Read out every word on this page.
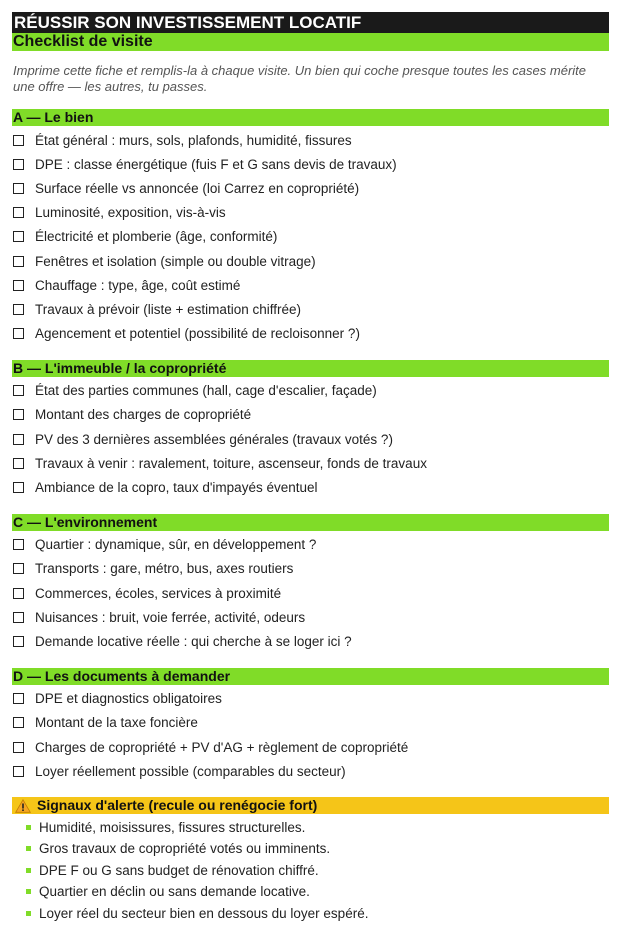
RÉUSSIR SON INVESTISSEMENT LOCATIF
Checklist de visite

Imprime cette fiche et remplis-la à chaque visite. Un bien qui coche presque toutes les cases mérite une offre — les autres, tu passes.

A — Le bien
État général : murs, sols, plafonds, humidité, fissures
DPE : classe énergétique (fuis F et G sans devis de travaux)
Surface réelle vs annoncée (loi Carrez en copropriété)
Luminosité, exposition, vis-à-vis
Électricité et plomberie (âge, conformité)
Fenêtres et isolation (simple ou double vitrage)
Chauffage : type, âge, coût estimé
Travaux à prévoir (liste + estimation chiffrée)
Agencement et potentiel (possibilité de recloisonner ?)
B — L'immeuble / la copropriété
État des parties communes (hall, cage d'escalier, façade)
Montant des charges de copropriété
PV des 3 dernières assemblées générales (travaux votés ?)
Travaux à venir : ravalement, toiture, ascenseur, fonds de travaux
Ambiance de la copro, taux d'impayés éventuel
C — L'environnement
Quartier : dynamique, sûr, en développement ?
Transports : gare, métro, bus, axes routiers
Commerces, écoles, services à proximité
Nuisances : bruit, voie ferrée, activité, odeurs
Demande locative réelle : qui cherche à se loger ici ?
D — Les documents à demander
DPE et diagnostics obligatoires
Montant de la taxe foncière
Charges de copropriété + PV d'AG + règlement de copropriété
Loyer réellement possible (comparables du secteur)
Signaux d'alerte (recule ou renégocie fort)
Humidité, moisissures, fissures structurelles.
Gros travaux de copropriété votés ou imminents.
DPE F ou G sans budget de rénovation chiffré.
Quartier en déclin ou sans demande locative.
Loyer réel du secteur bien en dessous du loyer espéré.
